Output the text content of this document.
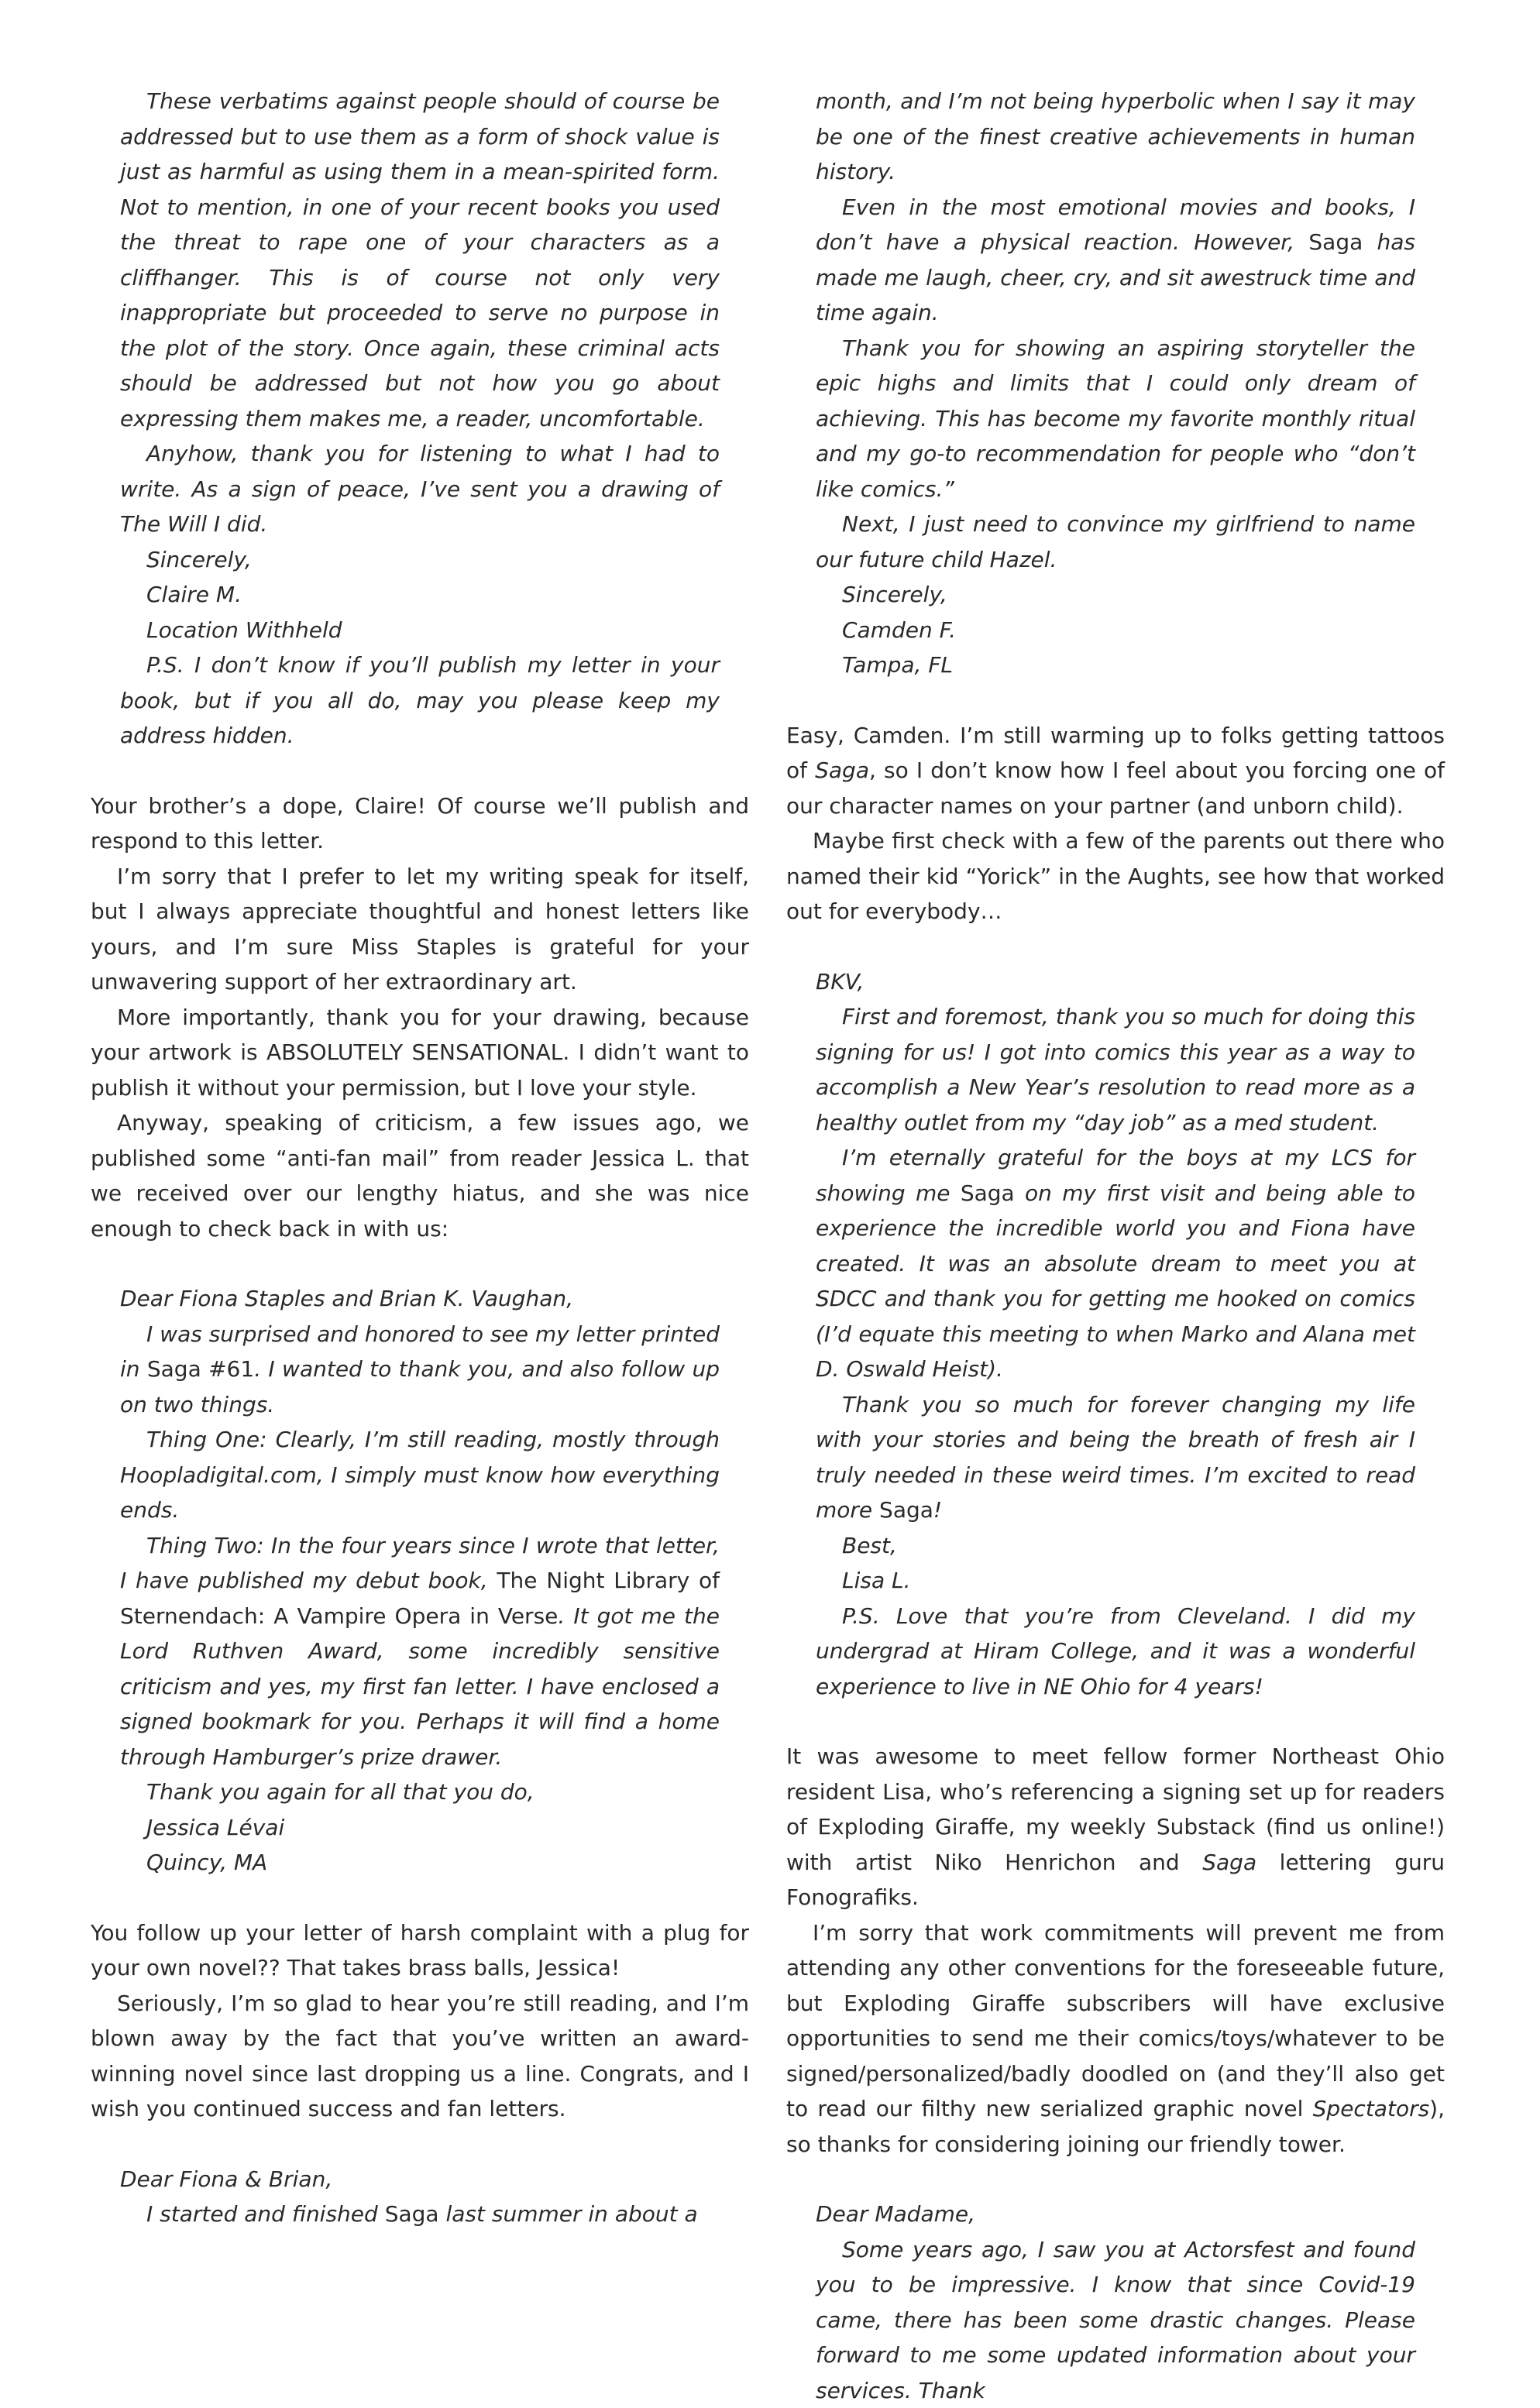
These verbatims against people should of course be addressed but to use them as a form of shock value is just as harmful as using them in a mean-spirited form. Not to mention, in one of your recent books you used the threat to rape one of your characters as a cliffhanger. This is of course not only very inappropriate but proceeded to serve no purpose in the plot of the story. Once again, these criminal acts should be addressed but not how you go about expressing them makes me, a reader, uncomfortable.

Anyhow, thank you for listening to what I had to write. As a sign of peace, I’ve sent you a drawing of The Will I did.

Sincerely,

Claire M.

Location Withheld

P.S. I don’t know if you’ll publish my letter in your book, but if you all do, may you please keep my address hidden.

Your brother’s a dope, Claire! Of course we’ll publish and respond to this letter.

I’m sorry that I prefer to let my writing speak for itself, but I always appreciate thoughtful and honest letters like yours, and I’m sure Miss Staples is grateful for your unwavering support of her extraordinary art.

More importantly, thank you for your drawing, because your artwork is ABSOLUTELY SENSATIONAL. I didn’t want to publish it without your permission, but I love your style.

Anyway, speaking of criticism, a few issues ago, we published some “anti-fan mail” from reader Jessica L. that we received over our lengthy hiatus, and she was nice enough to check back in with us:

Dear Fiona Staples and Brian K. Vaughan,

I was surprised and honored to see my letter printed in Saga #61. I wanted to thank you, and also follow up on two things.

Thing One: Clearly, I’m still reading, mostly through Hoopladigital.com, I simply must know how everything ends.

Thing Two: In the four years since I wrote that letter, I have published my debut book, The Night Library of Sternendach: A Vampire Opera in Verse. It got me the Lord Ruthven Award, some incredibly sensitive criticism and yes, my first fan letter. I have enclosed a signed bookmark for you. Perhaps it will find a home through Hamburger’s prize drawer.

Thank you again for all that you do,

Jessica Lévai

Quincy, MA

You follow up your letter of harsh complaint with a plug for your own novel?? That takes brass balls, Jessica!

Seriously, I’m so glad to hear you’re still reading, and I’m blown away by the fact that you’ve written an award-winning novel since last dropping us a line. Congrats, and I wish you continued success and fan letters.

Dear Fiona & Brian,

I started and finished Saga last summer in about a

month, and I’m not being hyperbolic when I say it may be one of the finest creative achievements in human history.

Even in the most emotional movies and books, I don’t have a physical reaction. However, Saga has made me laugh, cheer, cry, and sit awestruck time and time again.

Thank you for showing an aspiring storyteller the epic highs and limits that I could only dream of achieving. This has become my favorite monthly ritual and my go-to recommendation for people who “don’t like comics.”

Next, I just need to convince my girlfriend to name our future child Hazel.

Sincerely,

Camden F.

Tampa, FL

Easy, Camden. I’m still warming up to folks getting tattoos of Saga, so I don’t know how I feel about you forcing one of our character names on your partner (and unborn child).

Maybe first check with a few of the parents out there who named their kid “Yorick” in the Aughts, see how that worked out for everybody…

BKV,

First and foremost, thank you so much for doing this signing for us! I got into comics this year as a way to accomplish a New Year’s resolution to read more as a healthy outlet from my “day job” as a med student.

I’m eternally grateful for the boys at my LCS for showing me Saga on my first visit and being able to experience the incredible world you and Fiona have created. It was an absolute dream to meet you at SDCC and thank you for getting me hooked on comics (I’d equate this meeting to when Marko and Alana met D. Oswald Heist).

Thank you so much for forever changing my life with your stories and being the breath of fresh air I truly needed in these weird times. I’m excited to read more Saga!

Best,

Lisa L.

P.S. Love that you’re from Cleveland. I did my undergrad at Hiram College, and it was a wonderful experience to live in NE Ohio for 4 years!

It was awesome to meet fellow former Northeast Ohio resident Lisa, who’s referencing a signing set up for readers of Exploding Giraffe, my weekly Substack (find us online!) with artist Niko Henrichon and Saga lettering guru Fonografiks.

I’m sorry that work commitments will prevent me from attending any other conventions for the foreseeable future, but Exploding Giraffe subscribers will have exclusive opportunities to send me their comics/toys/whatever to be signed/personalized/badly doodled on (and they’ll also get to read our filthy new serialized graphic novel Spectators), so thanks for considering joining our friendly tower.

Dear Madame,

Some years ago, I saw you at Actorsfest and found you to be impressive. I know that since Covid-19 came, there has been some drastic changes. Please forward to me some updated information about your services. Thank
